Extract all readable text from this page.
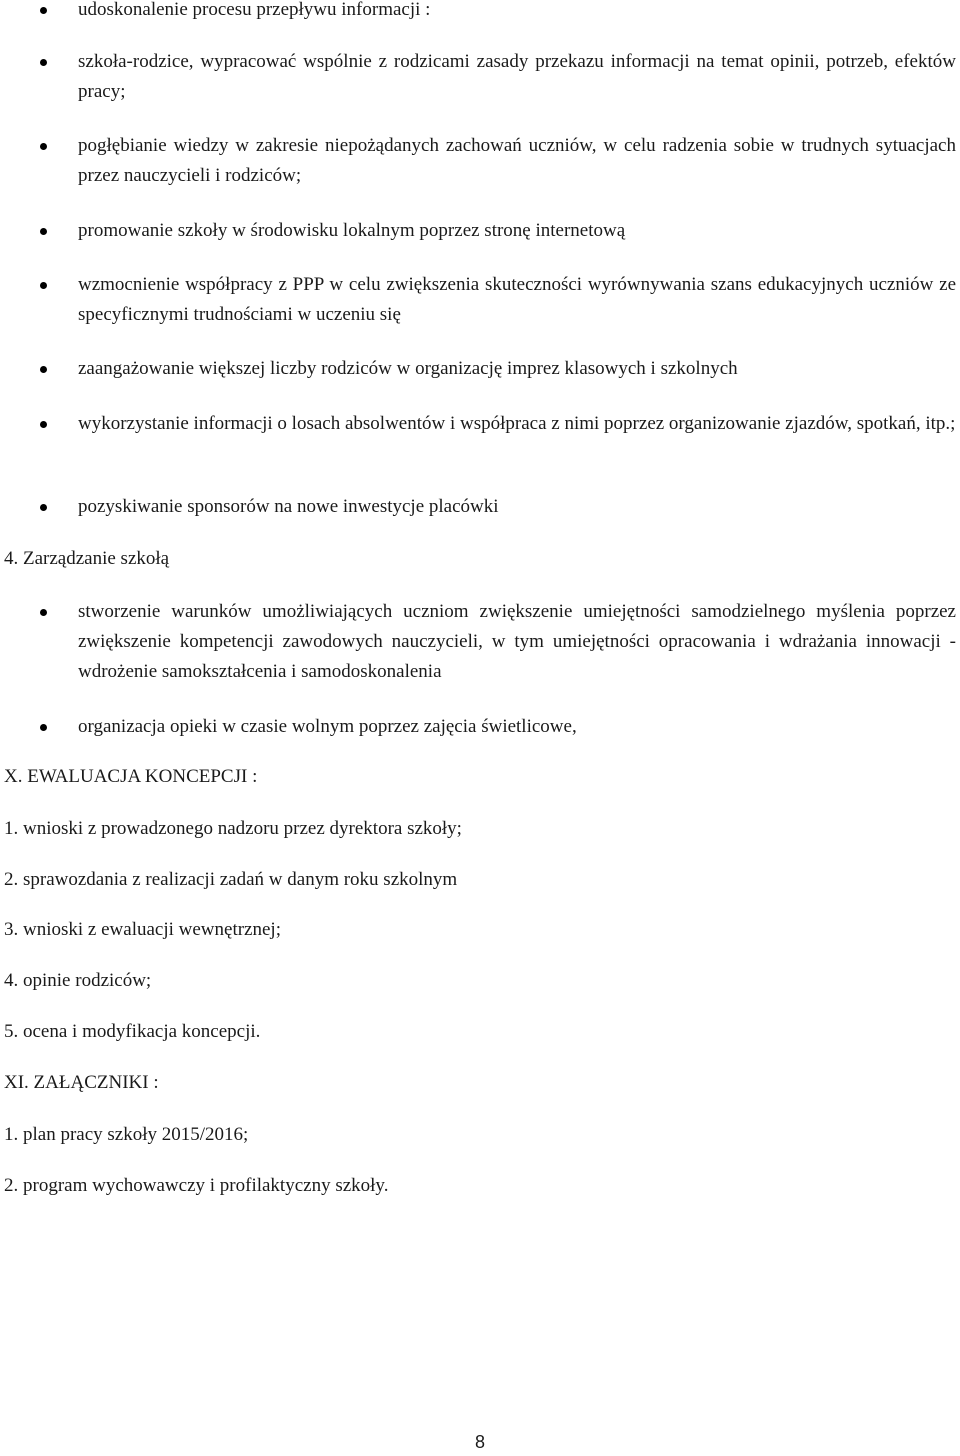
udoskonalenie procesu przepływu informacji :
szkoła-rodzice, wypracować wspólnie z rodzicami zasady przekazu informacji na temat opinii, potrzeb, efektów pracy;
pogłębianie wiedzy w zakresie niepożądanych zachowań uczniów, w celu radzenia sobie w trudnych sytuacjach przez nauczycieli i rodziców;
promowanie szkoły w środowisku lokalnym poprzez stronę internetową
wzmocnienie współpracy z PPP w celu zwiększenia skuteczności wyrównywania szans edukacyjnych uczniów ze specyficznymi trudnościami w uczeniu się
zaangażowanie większej liczby rodziców w organizację imprez klasowych i szkolnych
wykorzystanie informacji o losach absolwentów i współpraca z nimi poprzez organizowanie zjazdów, spotkań, itp.;
pozyskiwanie sponsorów na nowe inwestycje placówki
4. Zarządzanie szkołą
stworzenie warunków umożliwiających uczniom zwiększenie umiejętności samodzielnego myślenia poprzez zwiększenie kompetencji zawodowych nauczycieli, w tym umiejętności opracowania i wdrażania innowacji - wdrożenie samokształcenia i samodoskonalenia
organizacja opieki w czasie wolnym poprzez zajęcia świetlicowe,
X. EWALUACJA KONCEPCJI :
1. wnioski z prowadzonego nadzoru przez dyrektora szkoły;
2. sprawozdania z realizacji zadań w danym roku szkolnym
3. wnioski z ewaluacji wewnętrznej;
4. opinie rodziców;
5. ocena i modyfikacja koncepcji.
XI. ZAŁĄCZNIKI :
1. plan pracy szkoły 2015/2016;
2. program wychowawczy i profilaktyczny szkoły.
8
